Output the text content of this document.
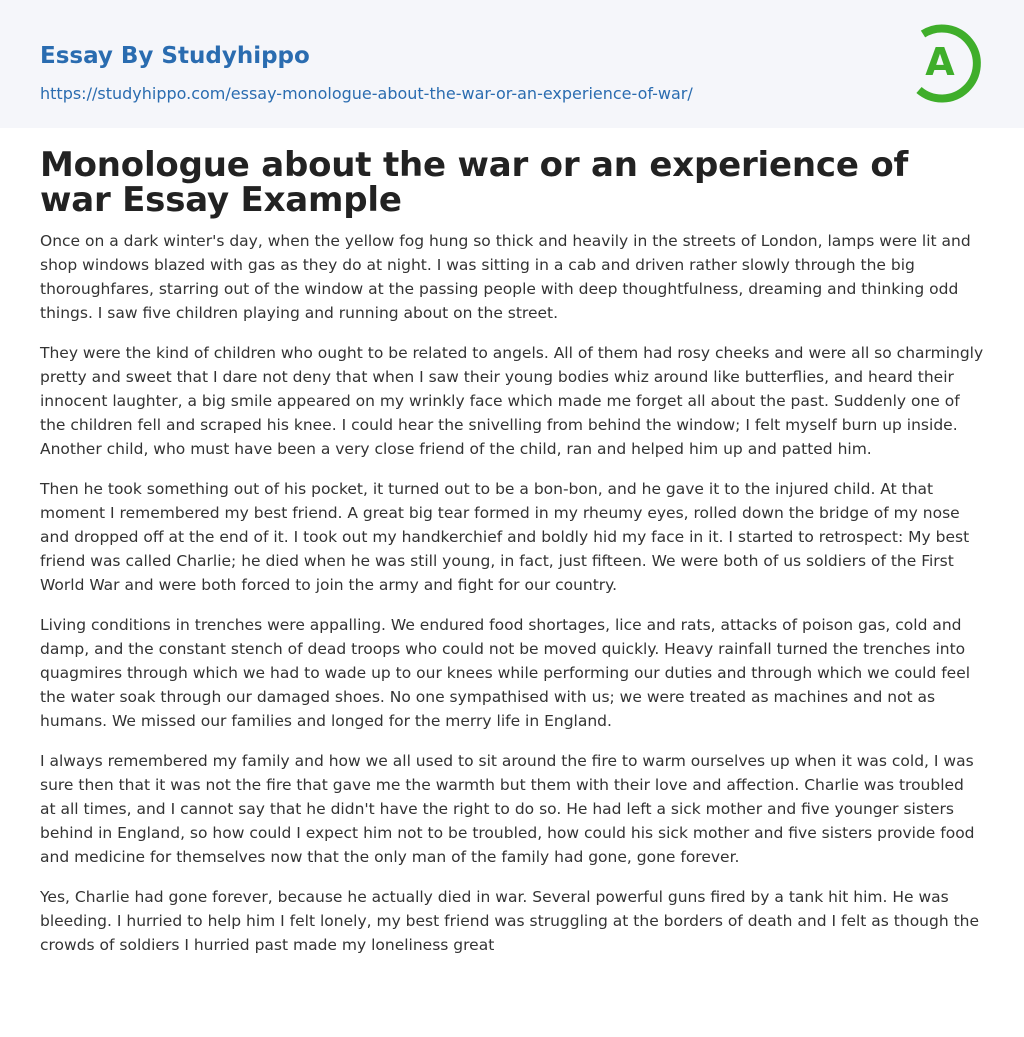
Essay By Studyhippo
https://studyhippo.com/essay-monologue-about-the-war-or-an-experience-of-war/
A
Monologue about the war or an experience of war Essay Example

Once on a dark winter's day, when the yellow fog hung so thick and heavily in the streets of London, lamps were lit and shop windows blazed with gas as they do at night. I was sitting in a cab and driven rather slowly through the big thoroughfares, starring out of the window at the passing people with deep thoughtfulness, dreaming and thinking odd things. I saw five children playing and running about on the street.

They were the kind of children who ought to be related to angels. All of them had rosy cheeks and were all so charmingly pretty and sweet that I dare not deny that when I saw their young bodies whiz around like butterflies, and heard their innocent laughter, a big smile appeared on my wrinkly face which made me forget all about the past. Suddenly one of the children fell and scraped his knee. I could hear the snivelling from behind the window; I felt myself burn up inside. Another child, who must have been a very close friend of the child, ran and helped him up and patted him.

Then he took something out of his pocket, it turned out to be a bon-bon, and he gave it to the injured child. At that moment I remembered my best friend. A great big tear formed in my rheumy eyes, rolled down the bridge of my nose and dropped off at the end of it. I took out my handkerchief and boldly hid my face in it. I started to retrospect: My best friend was called Charlie; he died when he was still young, in fact, just fifteen. We were both of us soldiers of the First World War and were both forced to join the army and fight for our country.

Living conditions in trenches were appalling. We endured food shortages, lice and rats, attacks of poison gas, cold and damp, and the constant stench of dead troops who could not be moved quickly. Heavy rainfall turned the trenches into quagmires through which we had to wade up to our knees while performing our duties and through which we could feel the water soak through our damaged shoes. No one sympathised with us; we were treated as machines and not as humans. We missed our families and longed for the merry life in England.

I always remembered my family and how we all used to sit around the fire to warm ourselves up when it was cold, I was sure then that it was not the fire that gave me the warmth but them with their love and affection. Charlie was troubled at all times, and I cannot say that he didn't have the right to do so. He had left a sick mother and five younger sisters behind in England, so how could I expect him not to be troubled, how could his sick mother and five sisters provide food and medicine for themselves now that the only man of the family had gone, gone forever.

Yes, Charlie had gone forever, because he actually died in war. Several powerful guns fired by a tank hit him. He was bleeding. I hurried to help him I felt lonely, my best friend was struggling at the borders of death and I felt as though the crowds of soldiers I hurried past made my loneliness great
